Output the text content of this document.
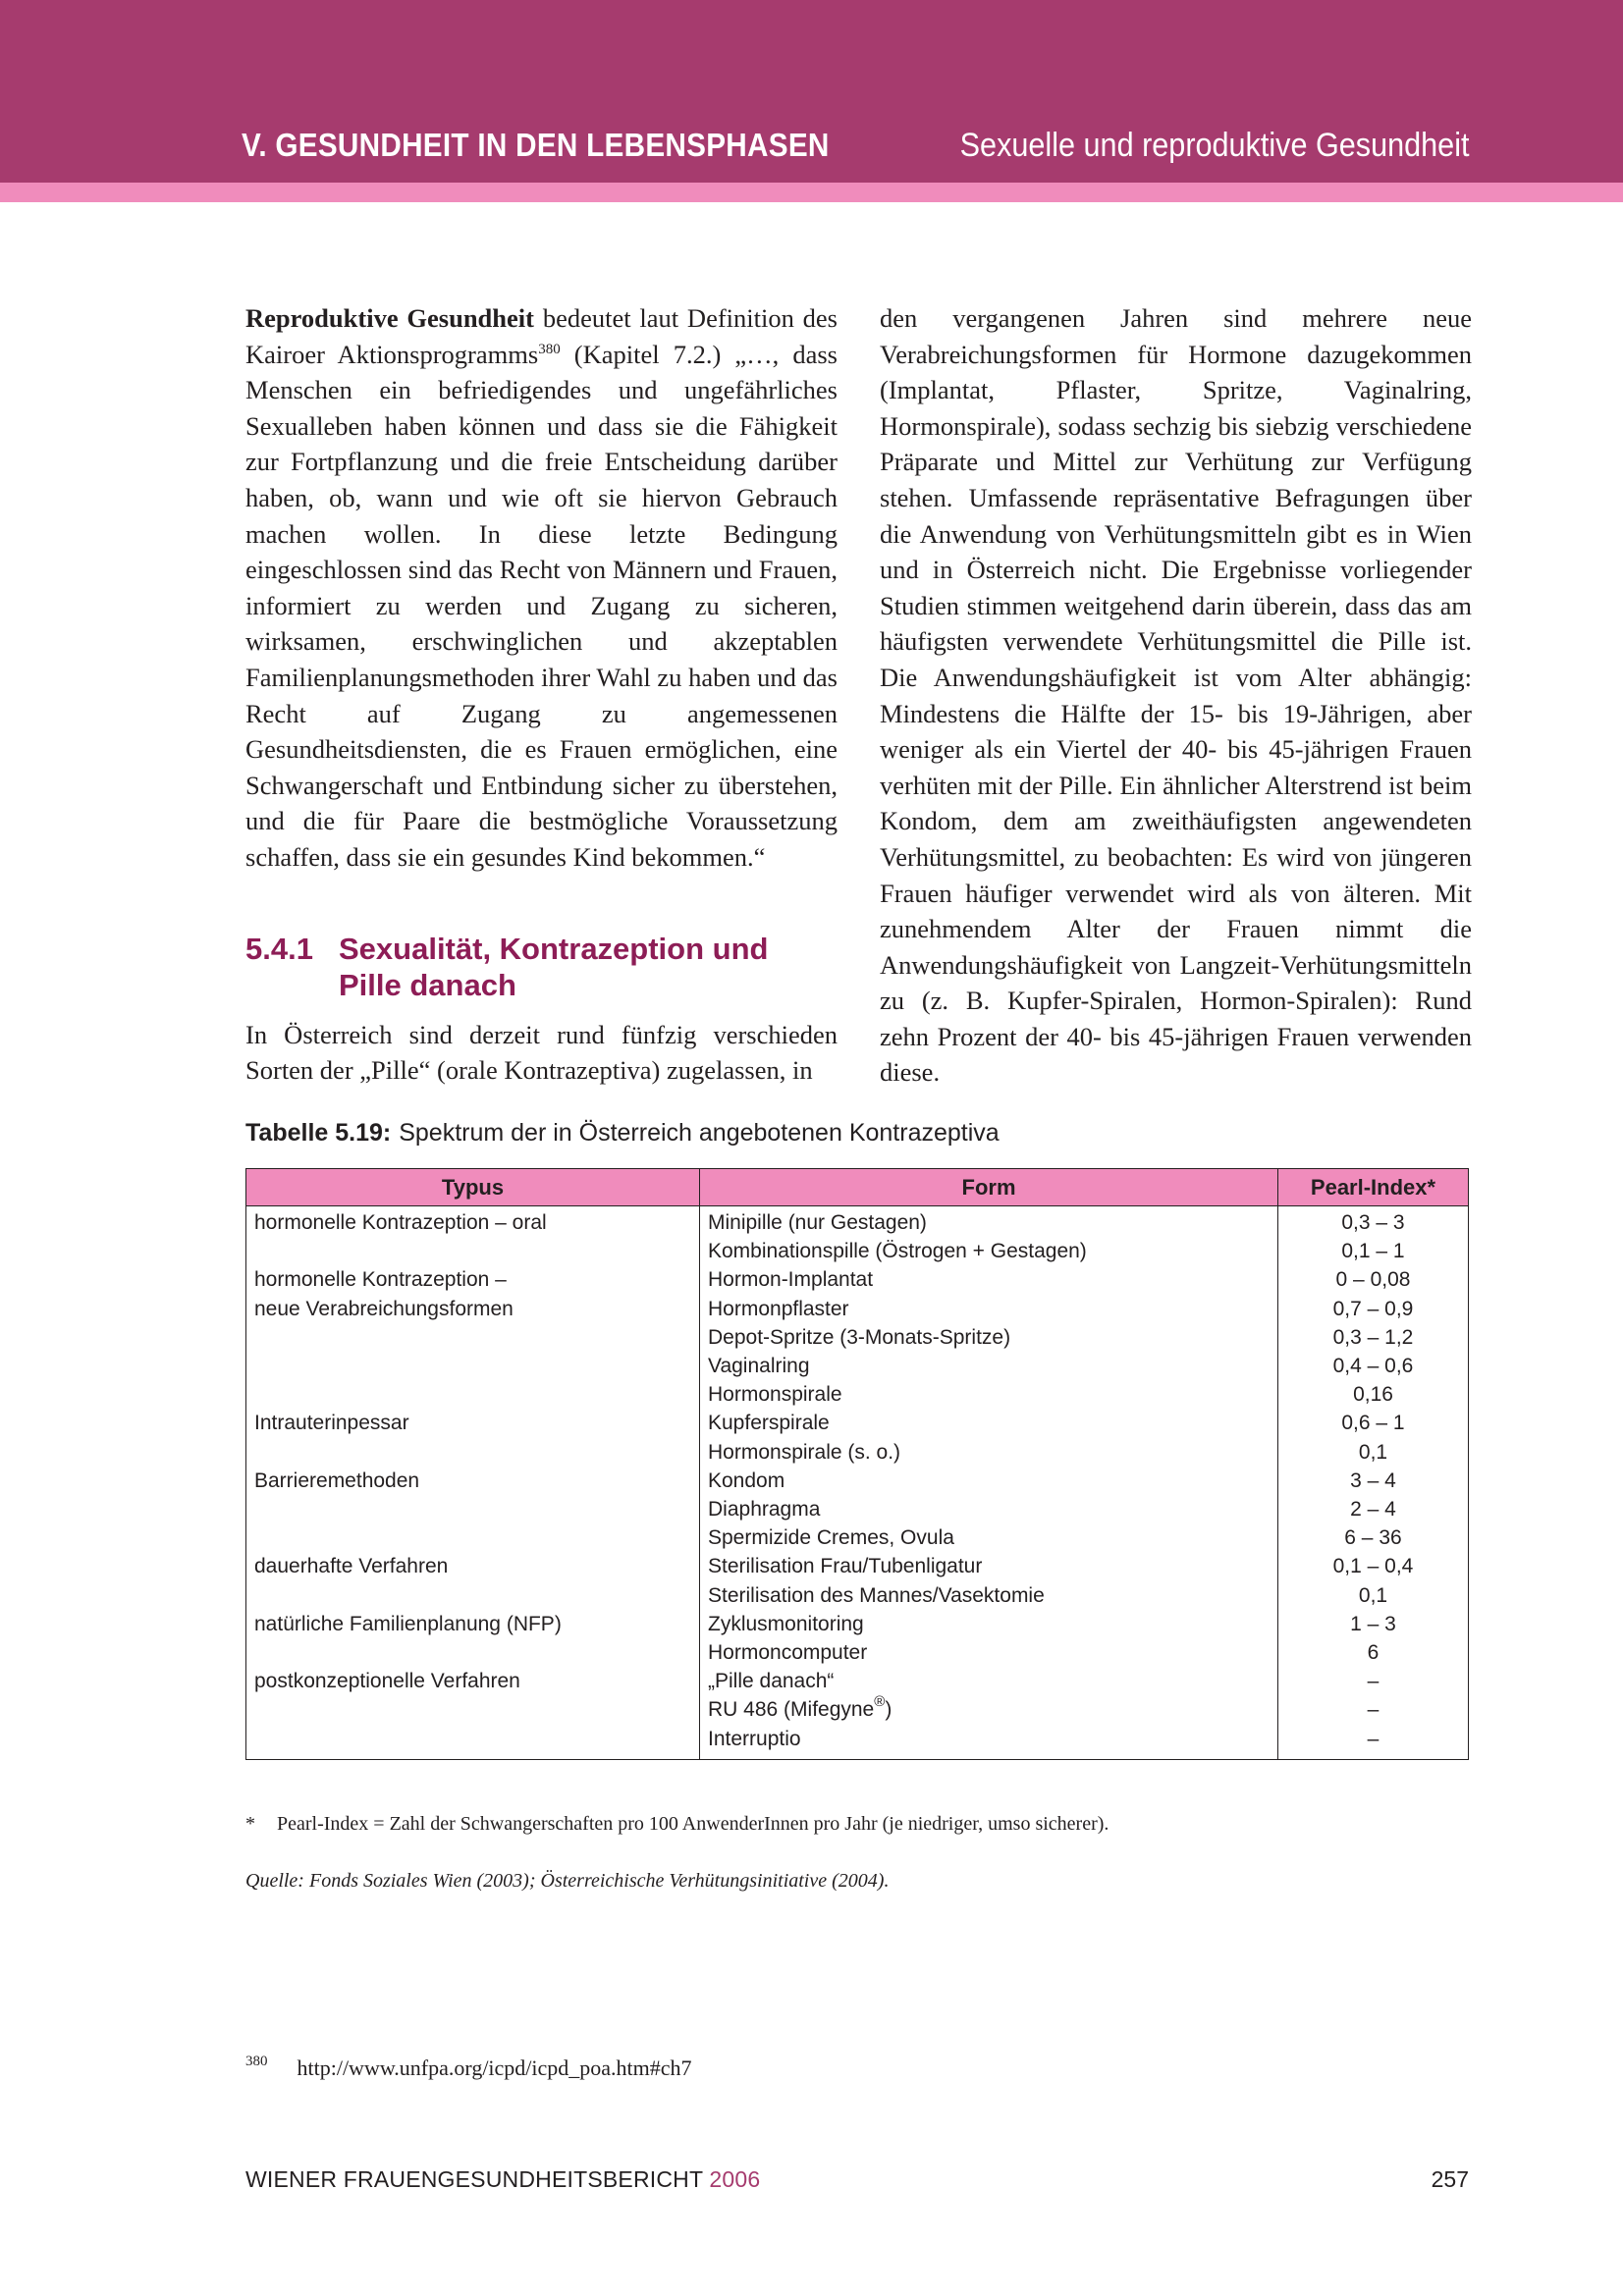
V. GESUNDHEIT IN DEN LEBENSPHASEN	Sexuelle und reproduktive Gesundheit

Reproduktive Gesundheit bedeutet laut Definition des Kairoer Aktionsprogramms$^{380}$ (Kapitel 7.2.) „…, dass Menschen ein befriedigendes und ungefährliches Sexualleben haben können und dass sie die Fähigkeit zur Fortpflanzung und die freie Entscheidung darüber haben, ob, wann und wie oft sie hiervon Gebrauch machen wollen. In diese letzte Bedingung eingeschlossen sind das Recht von Männern und Frauen, informiert zu werden und Zugang zu sicheren, wirksamen, erschwinglichen und akzeptablen Familienplanungsmethoden ihrer Wahl zu haben und das Recht auf Zugang zu angemessenen Gesundheitsdiensten, die es Frauen ermöglichen, eine Schwangerschaft und Entbindung sicher zu überstehen, und die für Paare die bestmögliche Voraussetzung schaffen, dass sie ein gesundes Kind bekommen.“

5.4.1 Sexualität, Kontrazeption und Pille danach

In Österreich sind derzeit rund fünfzig verschieden Sorten der „Pille“ (orale Kontrazeptiva) zugelassen, in

den vergangenen Jahren sind mehrere neue Verabreichungsformen für Hormone dazugekommen (Implantat, Pflaster, Spritze, Vaginalring, Hormonspirale), sodass sechzig bis siebzig verschiedene Präparate und Mittel zur Verhütung zur Verfügung stehen. Umfassende repräsentative Befragungen über die Anwendung von Verhütungsmitteln gibt es in Wien und in Österreich nicht. Die Ergebnisse vorliegender Studien stimmen weitgehend darin überein, dass das am häufigsten verwendete Verhütungsmittel die Pille ist. Die Anwendungshäufigkeit ist vom Alter abhängig: Mindestens die Hälfte der 15- bis 19-Jährigen, aber weniger als ein Viertel der 40- bis 45-jährigen Frauen verhüten mit der Pille. Ein ähnlicher Alterstrend ist beim Kondom, dem am zweithäufigsten angewendeten Verhütungsmittel, zu beobachten: Es wird von jüngeren Frauen häufiger verwendet wird als von älteren. Mit zunehmendem Alter der Frauen nimmt die Anwendungshäufigkeit von Langzeit-Verhütungsmitteln zu (z. B. Kupfer-Spiralen, Hormon-Spiralen): Rund zehn Prozent der 40- bis 45-jährigen Frauen verwenden diese.

Tabelle 5.19: Spektrum der in Österreich angebotenen Kontrazeptiva
Typus	Form	Pearl-Index*
hormonelle Kontrazeption – oral	Minipille (nur Gestagen)	0,3 – 3
	Kombinationspille (Östrogen + Gestagen)	0,1 – 1
hormonelle Kontrazeption –	Hormon-Implantat	0 – 0,08
neue Verabreichungsformen	Hormonpflaster	0,7 – 0,9
	Depot-Spritze (3-Monats-Spritze)	0,3 – 1,2
	Vaginalring	0,4 – 0,6
	Hormonspirale	0,16
Intrauterinpessar	Kupferspirale	0,6 – 1
	Hormonspirale (s. o.)	0,1
Barrieremethoden	Kondom	3 – 4
	Diaphragma	2 – 4
	Spermizide Cremes, Ovula	6 – 36
dauerhafte Verfahren	Sterilisation Frau/Tubenligatur	0,1 – 0,4
	Sterilisation des Mannes/Vasektomie	0,1
natürliche Familienplanung (NFP)	Zyklusmonitoring	1 – 3
	Hormoncomputer	6
postkonzeptionelle Verfahren	„Pille danach“	–
	RU 486 (Mifegyne®)	–
	Interruptio	–
* Pearl-Index = Zahl der Schwangerschaften pro 100 AnwenderInnen pro Jahr (je niedriger, umso sicherer).
Quelle: Fonds Soziales Wien (2003); Österreichische Verhütungsinitiative (2004).
$^{380}$ http://www.unfpa.org/icpd/icpd_poa.htm#ch7
WIENER FRAUENGESUNDHEITSBERICHT 2006	257
